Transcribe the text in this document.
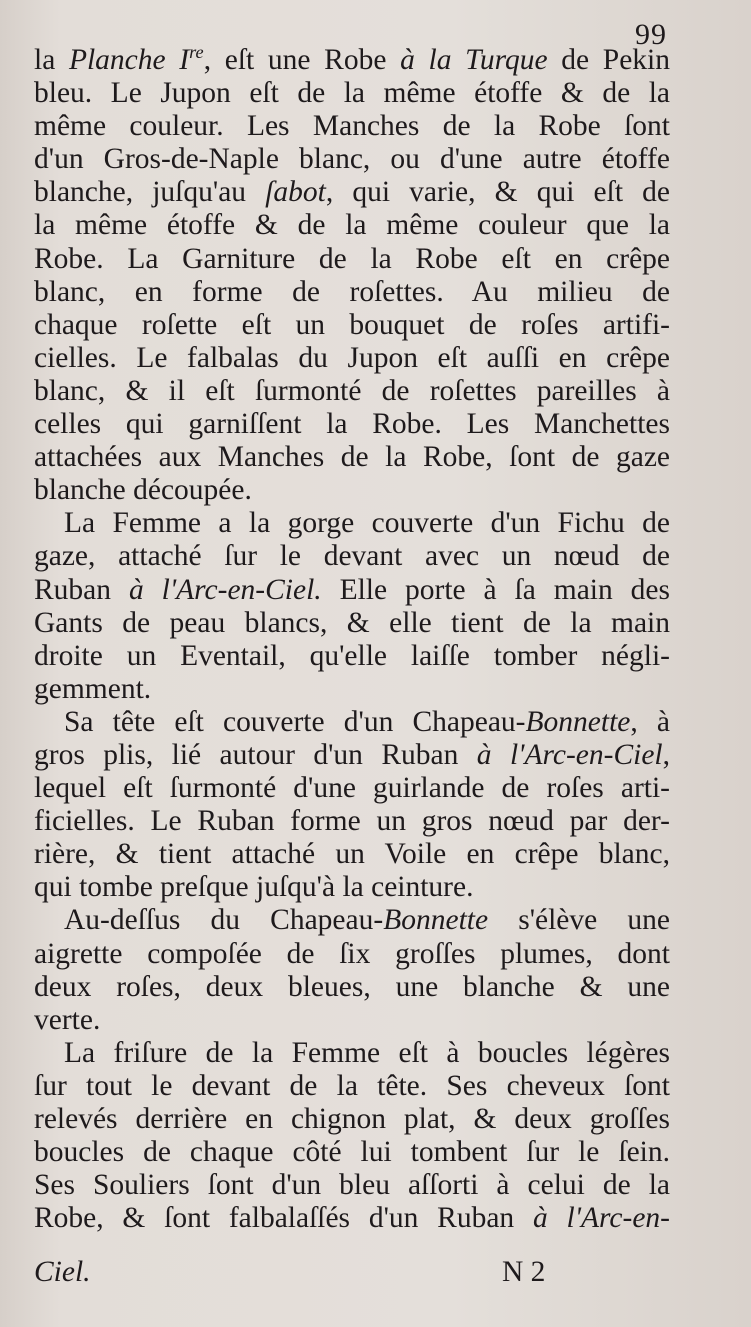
99
la Planche Ire, eſt une Robe à la Turque de Pekin
bleu. Le Jupon eſt de la même étoffe & de la
même couleur. Les Manches de la Robe ſont
d'un Gros-de-Naple blanc, ou d'une autre étoffe
blanche, juſqu'au ſabot, qui varie, & qui eſt de
la même étoffe & de la même couleur que la
Robe. La Garniture de la Robe eſt en crêpe
blanc, en forme de roſettes. Au milieu de
chaque roſette eſt un bouquet de roſes artifi-
cielles. Le falbalas du Jupon eſt auſſi en crêpe
blanc, & il eſt ſurmonté de roſettes pareilles à
celles qui garniſſent la Robe. Les Manchettes
attachées aux Manches de la Robe, ſont de gaze
blanche découpée.
La Femme a la gorge couverte d'un Fichu de
gaze, attaché ſur le devant avec un nœud de
Ruban à l'Arc-en-Ciel. Elle porte à ſa main des
Gants de peau blancs, & elle tient de la main
droite un Eventail, qu'elle laiſſe tomber négli-
gemment.
Sa tête eſt couverte d'un Chapeau-Bonnette, à
gros plis, lié autour d'un Ruban à l'Arc-en-Ciel,
lequel eſt ſurmonté d'une guirlande de roſes arti-
ficielles. Le Ruban forme un gros nœud par der-
rière, & tient attaché un Voile en crêpe blanc,
qui tombe preſque juſqu'à la ceinture.
Au-deſſus du Chapeau-Bonnette s'élève une
aigrette compoſée de ſix groſſes plumes, dont
deux roſes, deux bleues, une blanche & une
verte.
La friſure de la Femme eſt à boucles légères
ſur tout le devant de la tête. Ses cheveux ſont
relevés derrière en chignon plat, & deux groſſes
boucles de chaque côté lui tombent ſur le ſein.
Ses Souliers ſont d'un bleu aſſorti à celui de la
Robe, & ſont falbalaſſés d'un Ruban à l'Arc-en-
Ciel.	N 2
